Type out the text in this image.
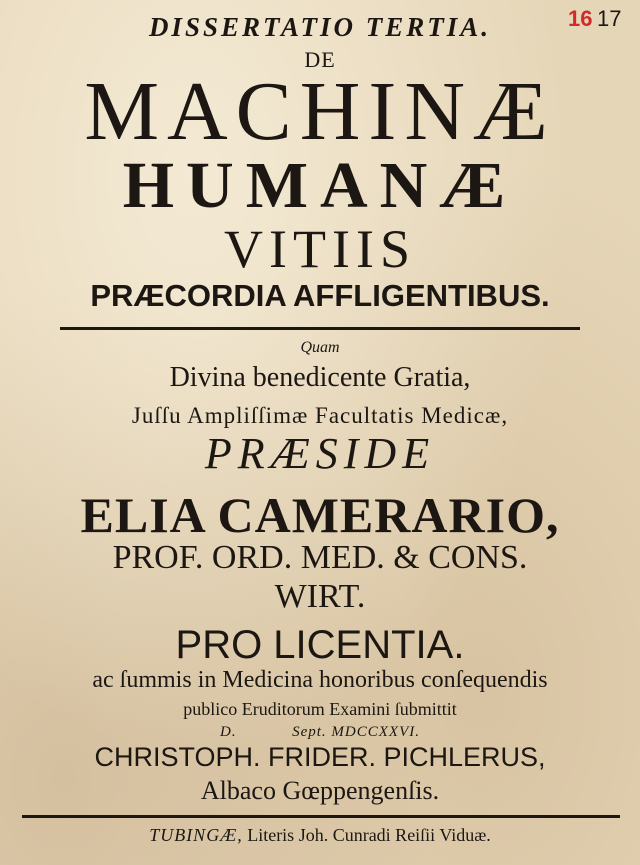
16 17
DISSERTATIO TERTIA.
DE
MACHINÆ
HUMANÆ
VITIIS
PRÆCORDIA AFFLIGENTIBUS.
Quam
Divina benedicente Gratia,
Juſſu Ampliſſimæ Facultatis Medicæ,
PRÆSIDE
ELIA CAMERARIO,
PROF. ORD. MED. & CONS.
WIRT.
PRO LICENTIA.
ac ſummis in Medicina honoribus conſequendis
publico Eruditorum Examini ſubmittit
D.	Sept. MDCCXXVI.
CHRISTOPH. FRIDER. PICHLERUS,
Albaco Gœppengenſis.
TUBINGÆ, Literis Joh. Cunradi Reiſii Viduæ.
